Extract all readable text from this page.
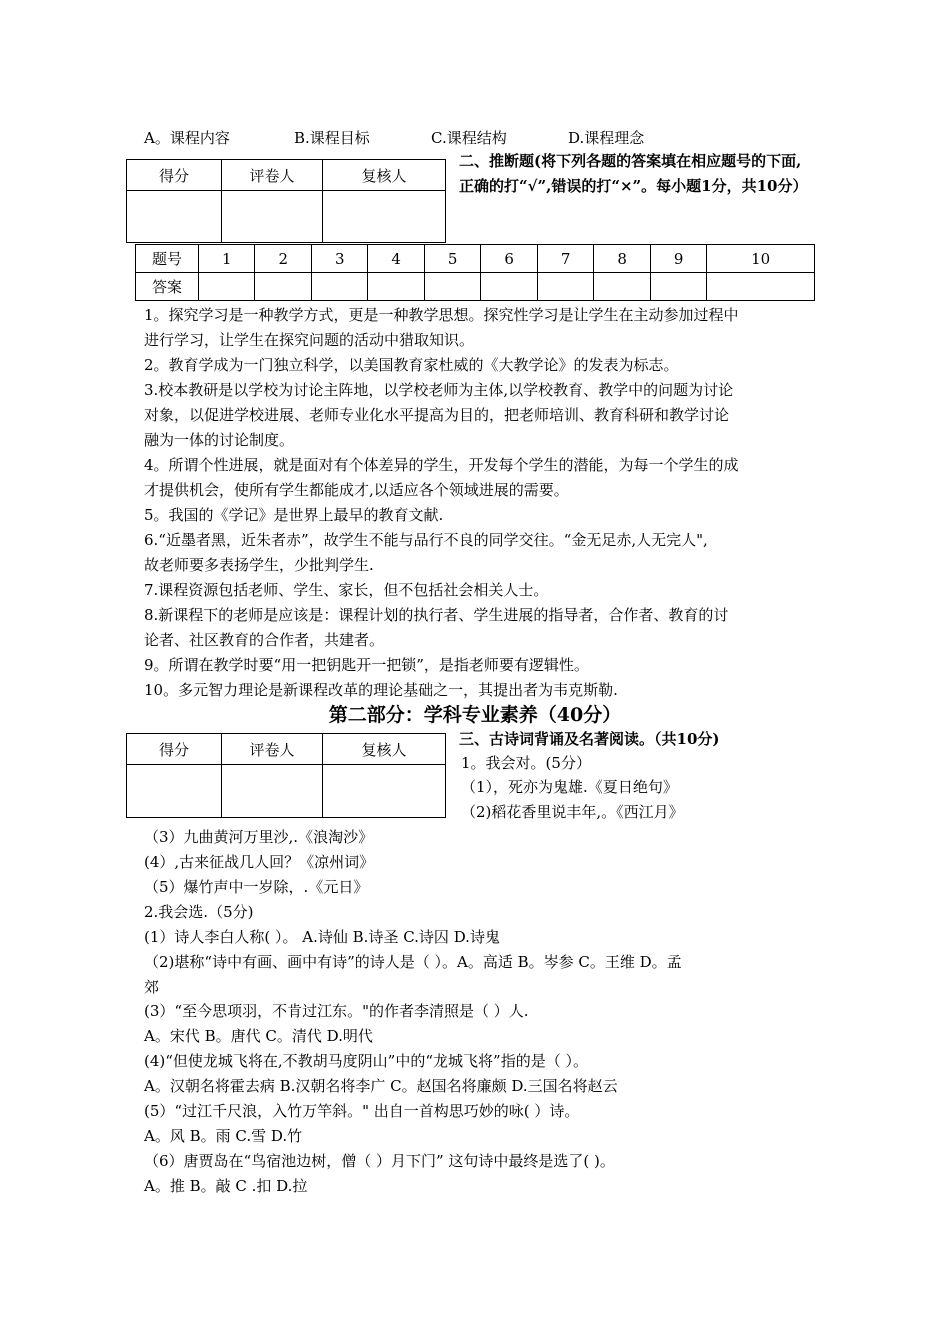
A。课程内容	B.课程目标	C.课程结构	D.课程理念
得分	评卷人	复核人

二、推断题(将下列各题的答案填在相应题号的下面,正确的打“√”,错误的打“×”。每小题1分，共10分）
题号	1	2	3	4	5	6	7	8	9	10
答案										
1。探究学习是一种教学方式，更是一种教学思想。探究性学习是让学生在主动参加过程中
进行学习，让学生在探究问题的活动中猎取知识。
2。教育学成为一门独立科学，以美国教育家杜威的《大教学论》的发表为标志。
3.校本教研是以学校为讨论主阵地，以学校老师为主体,以学校教育、教学中的问题为讨论
对象，以促进学校进展、老师专业化水平提高为目的，把老师培训、教育科研和教学讨论
融为一体的讨论制度。
4。所谓个性进展，就是面对有个体差异的学生，开发每个学生的潜能，为每一个学生的成
才提供机会，使所有学生都能成才,以适应各个领域进展的需要。
5。我国的《学记》是世界上最早的教育文献.
6.“近墨者黑，近朱者赤”，故学生不能与品行不良的同学交往。“金无足赤,人无完人",
故老师要多表扬学生，少批判学生.
7.课程资源包括老师、学生、家长，但不包括社会相关人士。
8.新课程下的老师是应该是：课程计划的执行者、学生进展的指导者，合作者、教育的讨
论者、社区教育的合作者，共建者。
9。所谓在教学时要“用一把钥匙开一把锁”，是指老师要有逻辑性。
10。多元智力理论是新课程改革的理论基础之一，其提出者为韦克斯勒.
第二部分：学科专业素养（40分）
得分	评卷人	复核人

三、古诗词背诵及名著阅读。（共10分)
1。我会对。(5分）
（1），死亦为鬼雄.《夏日绝句》
（2)稻花香里说丰年,。《西江月》
（3）九曲黄河万里沙,.《浪淘沙》
(4）,古来征战几人回？《凉州词》
（5）爆竹声中一岁除，.《元日》
2.我会选.（5分)
(1）诗人李白人称( ）。 A.诗仙 B.诗圣 C.诗囚 D.诗鬼
（2)堪称“诗中有画、画中有诗”的诗人是（ ）。A。高适 B。岑参 C。王维 D。孟
郊
(3）“至今思项羽，不肯过江东。"的作者李清照是（ ）人.
A。宋代 B。唐代 C。清代 D.明代
(4)“但使龙城飞将在,不教胡马度阴山”中的“龙城飞将”指的是（ ）。
A。汉朝名将霍去病 B.汉朝名将李广 C。赵国名将廉颇 D.三国名将赵云
(5）“过江千尺浪，入竹万竿斜。" 出自一首构思巧妙的咏( ）诗。
A。风 B。雨 C.雪 D.竹
（6）唐贾岛在“鸟宿池边树，僧（ ）月下门” 这句诗中最终是选了( )。
A。推 B。敲 C .扣 D.拉
